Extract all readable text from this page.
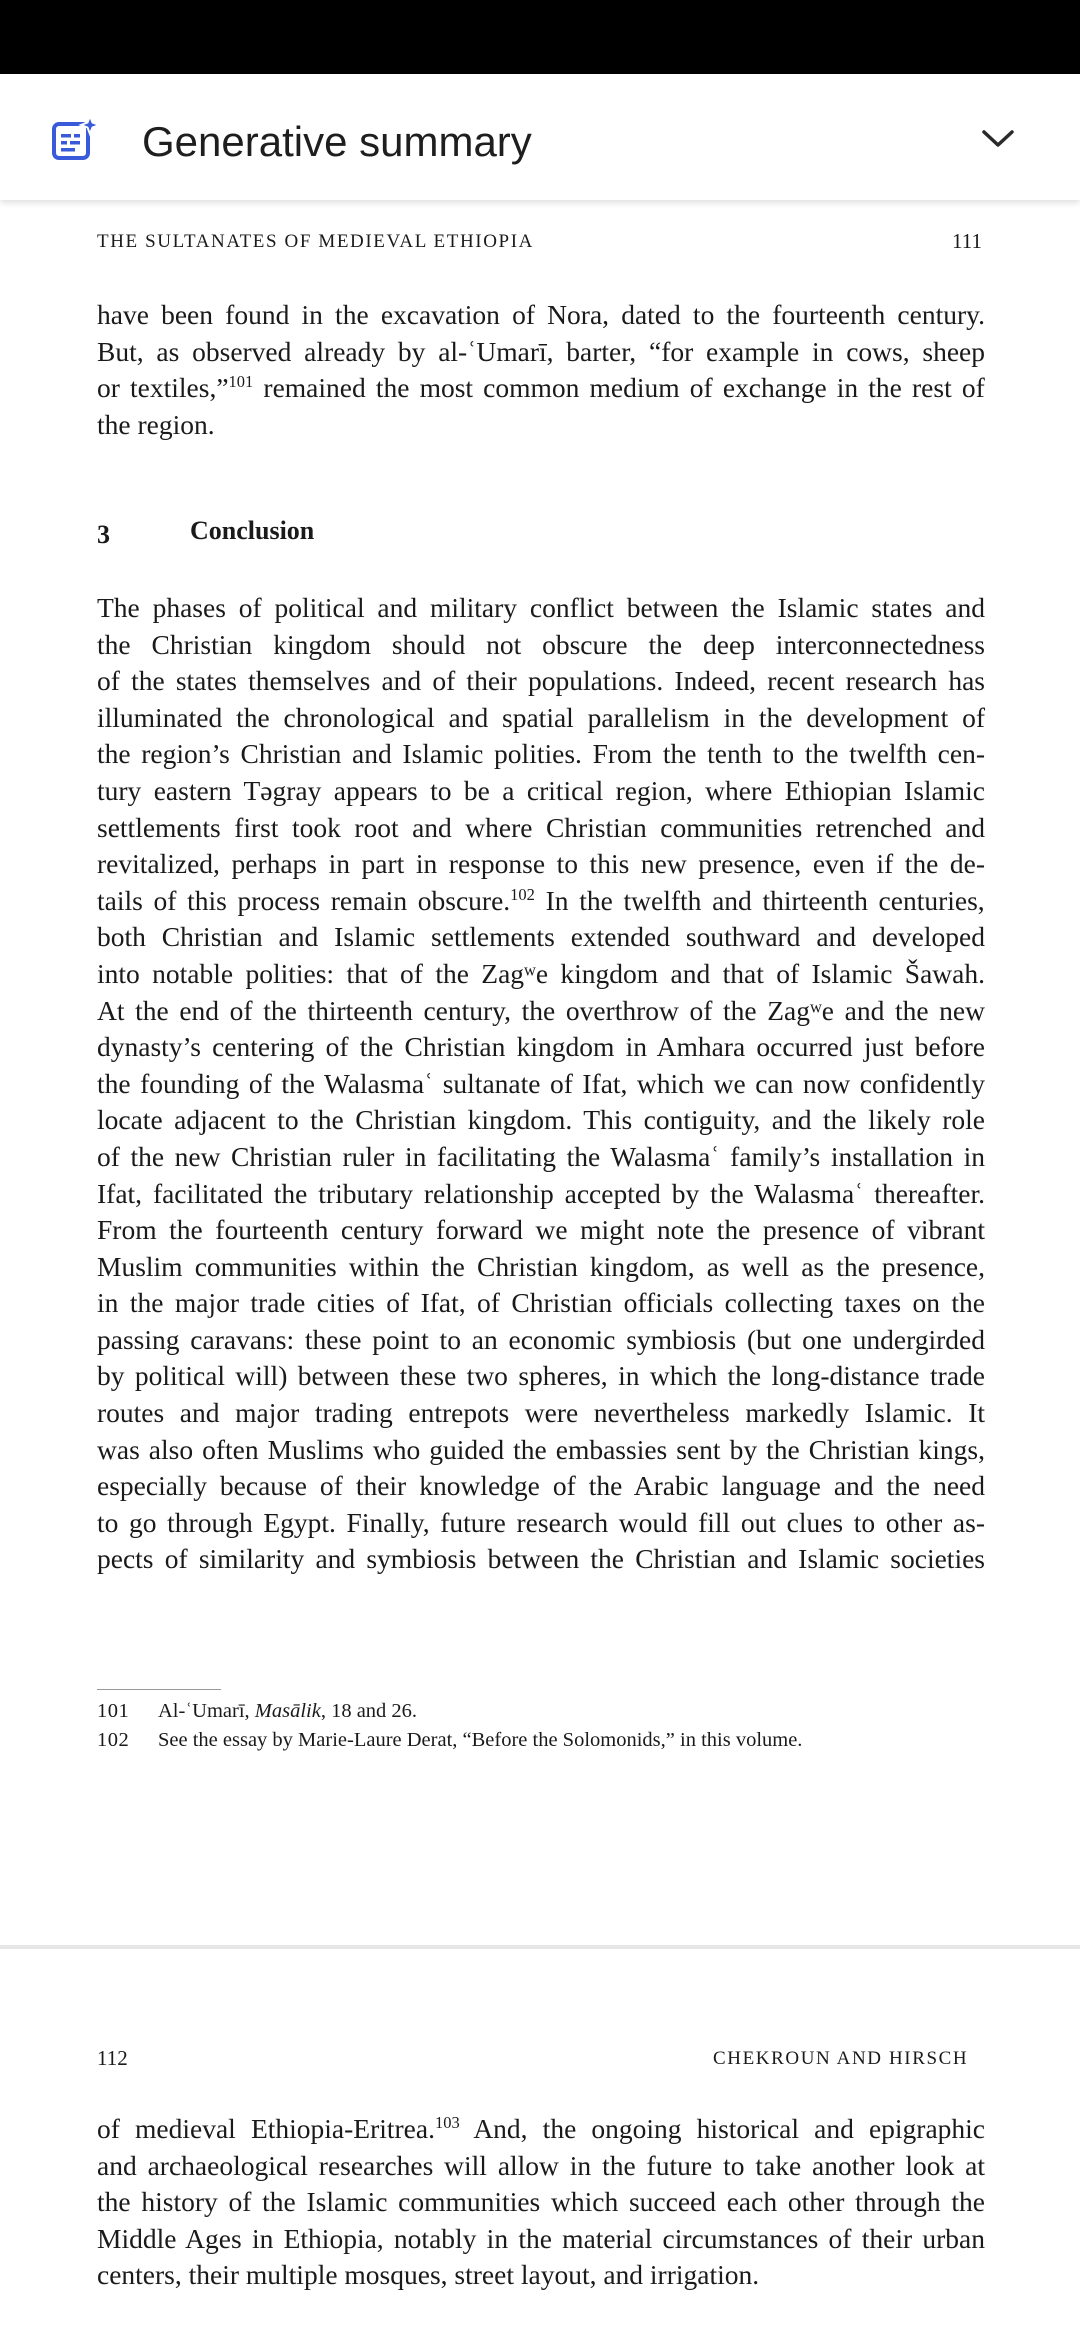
Generative summary
THE SULTANATES OF MEDIEVAL ETHIOPIA	111
have been found in the excavation of Nora, dated to the fourteenth century.
But, as observed already by al-ʿUmarī, barter, “for example in cows, sheep
or textiles,”$^{101}$ remained the most common medium of exchange in the rest of
the region.
3	Conclusion
The phases of political and military conflict between the Islamic states and
the Christian kingdom should not obscure the deep interconnectedness
of the states themselves and of their populations. Indeed, recent research has
illuminated the chronological and spatial parallelism in the development of
the region’s Christian and Islamic polities. From the tenth to the twelfth cen-
tury eastern Təgray appears to be a critical region, where Ethiopian Islamic
settlements first took root and where Christian communities retrenched and
revitalized, perhaps in part in response to this new presence, even if the de-
tails of this process remain obscure.$^{102}$ In the twelfth and thirteenth centuries,
both Christian and Islamic settlements extended southward and developed
into notable polities: that of the Zagʷe kingdom and that of Islamic Šawah.
At the end of the thirteenth century, the overthrow of the Zagʷe and the new
dynasty’s centering of the Christian kingdom in Amhara occurred just before
the founding of the Walasmaʿ sultanate of Ifat, which we can now confidently
locate adjacent to the Christian kingdom. This contiguity, and the likely role
of the new Christian ruler in facilitating the Walasmaʿ family’s installation in
Ifat, facilitated the tributary relationship accepted by the Walasmaʿ thereafter.
From the fourteenth century forward we might note the presence of vibrant
Muslim communities within the Christian kingdom, as well as the presence,
in the major trade cities of Ifat, of Christian officials collecting taxes on the
passing caravans: these point to an economic symbiosis (but one undergirded
by political will) between these two spheres, in which the long-distance trade
routes and major trading entrepots were nevertheless markedly Islamic. It
was also often Muslims who guided the embassies sent by the Christian kings,
especially because of their knowledge of the Arabic language and the need
to go through Egypt. Finally, future research would fill out clues to other as-
pects of similarity and symbiosis between the Christian and Islamic societies
101 Al-ʿUmarī, Masālik, 18 and 26.
102 See the essay by Marie-Laure Derat, “Before the Solomonids,” in this volume.
112	CHEKROUN AND HIRSCH
of medieval Ethiopia-Eritrea.$^{103}$ And, the ongoing historical and epigraphic
and archaeological researches will allow in the future to take another look at
the history of the Islamic communities which succeed each other through the
Middle Ages in Ethiopia, notably in the material circumstances of their urban
centers, their multiple mosques, street layout, and irrigation.
